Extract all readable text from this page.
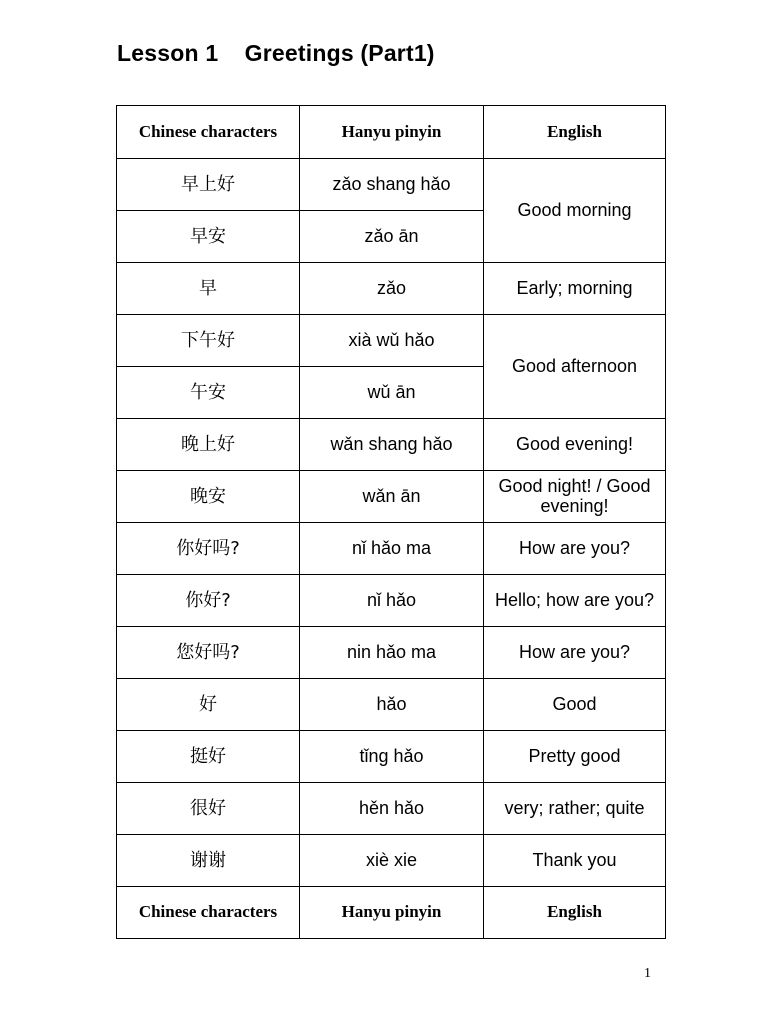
Lesson 1    Greetings (Part1)
Chinese characters	Hanyu pinyin	English
早上好	zǎo shang hǎo	Good morning
早安	zǎo ān	
早	zǎo	Early; morning
下午好	xià wǔ hǎo	Good afternoon
午安	wǔ ān	
晚上好	wǎn shang hǎo	Good evening!
晚安	wǎn ān	Good night! / Good evening!
你好吗?	nǐ hǎo ma	How are you?
你好?	nǐ hǎo	Hello; how are you?
您好吗?	nin hǎo ma	How are you?
好	hǎo	Good
挺好	tǐng hǎo	Pretty good
很好	hěn hǎo	very; rather; quite
谢谢	xiè xie	Thank you
Chinese characters	Hanyu pinyin	English
1
